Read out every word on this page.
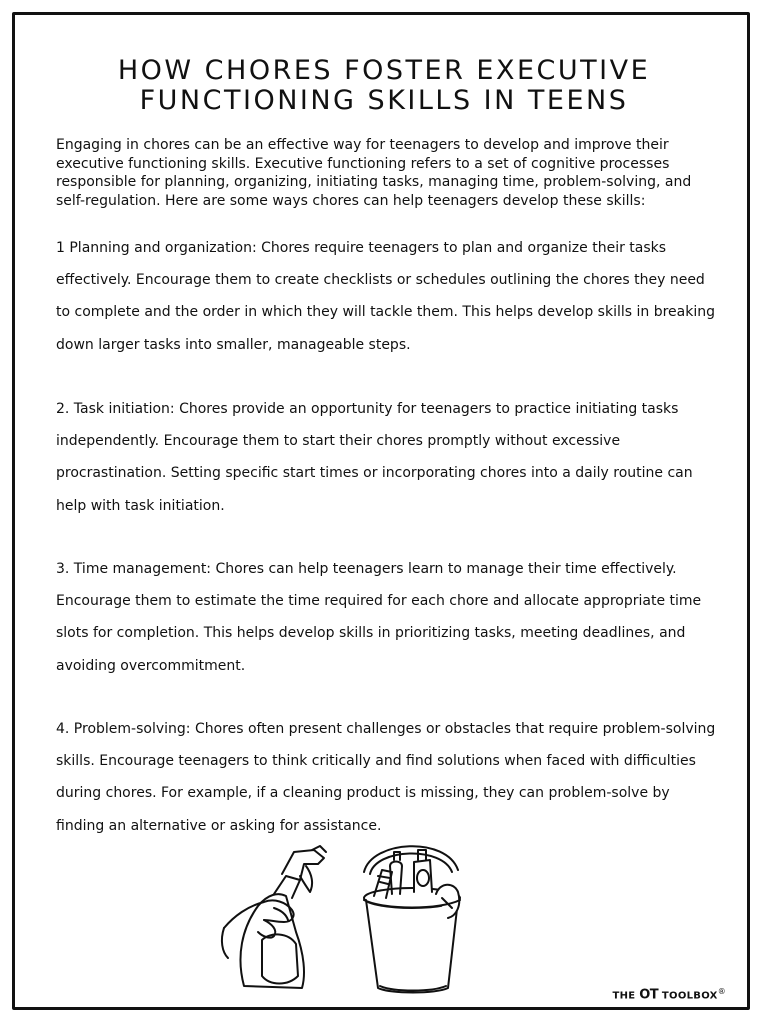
HOW CHORES FOSTER EXECUTIVE
FUNCTIONING SKILLS IN TEENS

Engaging in chores can be an effective way for teenagers to develop and improve their executive functioning skills. Executive functioning refers to a set of cognitive processes responsible for planning, organizing, initiating tasks, managing time, problem-solving, and self-regulation. Here are some ways chores can help teenagers develop these skills:

1 Planning and organization: Chores require teenagers to plan and organize their tasks effectively. Encourage them to create checklists or schedules outlining the chores they need to complete and the order in which they will tackle them. This helps develop skills in breaking down larger tasks into smaller, manageable steps.

2. Task initiation: Chores provide an opportunity for teenagers to practice initiating tasks independently. Encourage them to start their chores promptly without excessive procrastination. Setting specific start times or incorporating chores into a daily routine can help with task initiation.

3. Time management: Chores can help teenagers learn to manage their time effectively. Encourage them to estimate the time required for each chore and allocate appropriate time slots for completion. This helps develop skills in prioritizing tasks, meeting deadlines, and avoiding overcommitment.

4. Problem-solving: Chores often present challenges or obstacles that require problem-solving skills. Encourage teenagers to think critically and find solutions when faced with difficulties during chores. For example, if a cleaning product is missing, they can problem-solve by finding an alternative or asking for assistance.

THE OT TOOLBOX®
